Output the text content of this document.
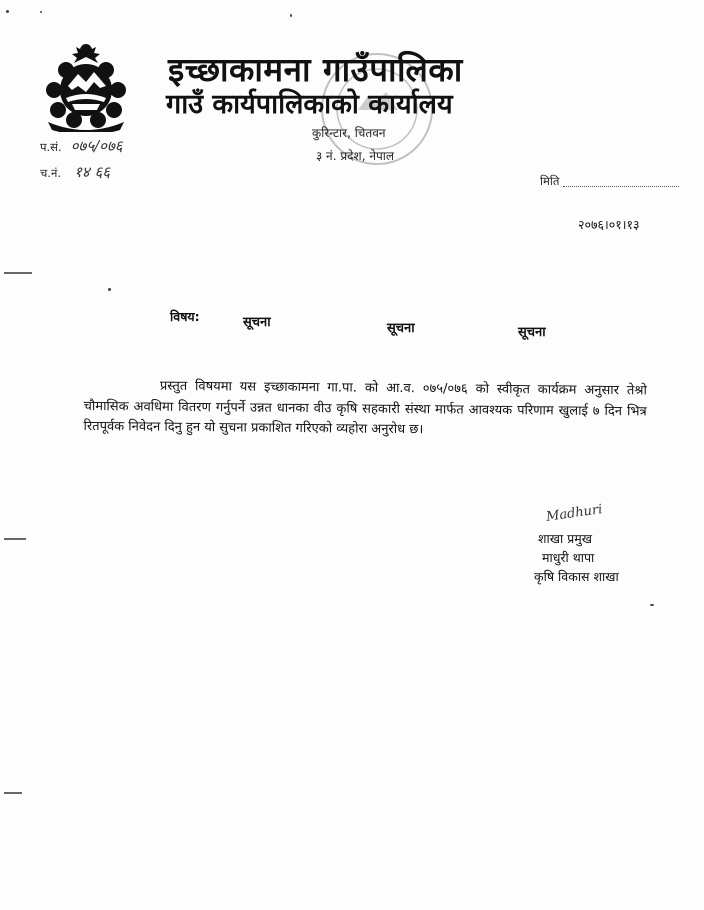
इच्छाकामना गाउँपालिका
गाउँ कार्यपालिकाको कार्यालय
कुरिन्टार, चितवन
३ नं. प्रदेश, नेपाल
प.सं. ०७५/०७६
च.नं. १४ ६६	मिति
२०७६।०१।१३
विषय:	सूचना	सूचना	सूचना

प्रस्तुत विषयमा यस इच्छाकामना गा.पा. को आ.व. ०७५/०७६ को स्वीकृत कार्यक्रम अनुसार तेश्रो चौमासिक अवधिमा वितरण गर्नुपर्ने उन्नत धानका वीउ कृषि सहकारी संस्था मार्फत आवश्यक परिणाम खुलाई ७ दिन भित्र रितपूर्वक निवेदन दिनु हुन यो सुचना प्रकाशित गरिएको व्यहोरा अनुरोध छ।

Madhuri
शाखा प्रमुख
माधुरी थापा
कृषि विकास शाखा
